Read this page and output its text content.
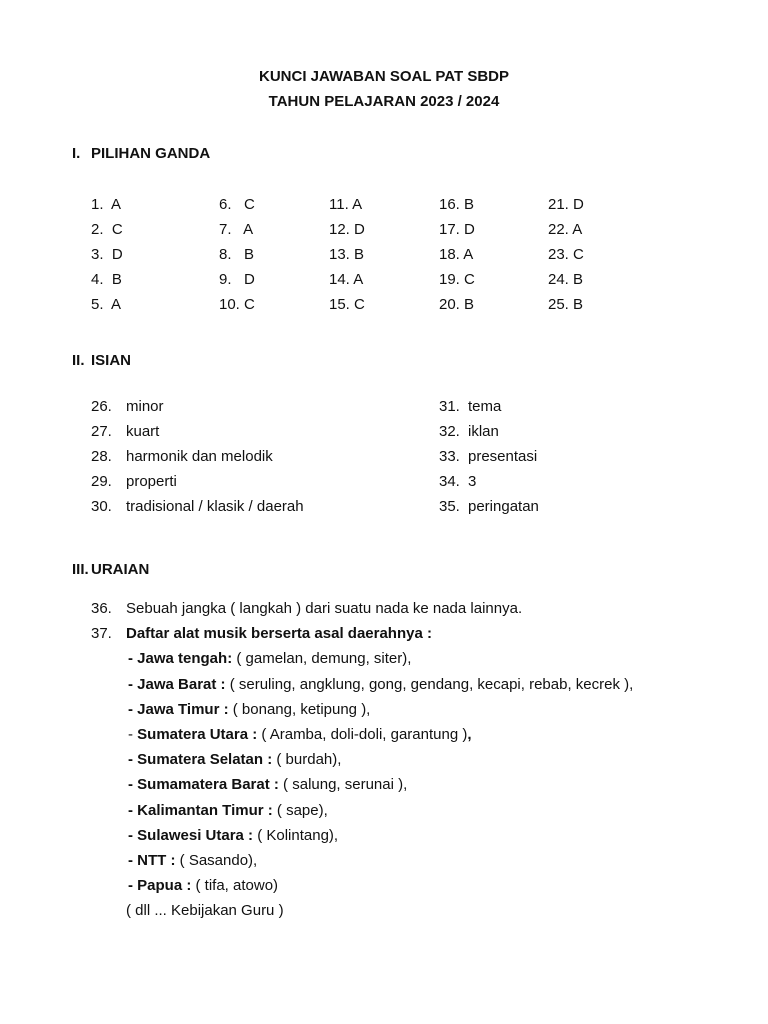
KUNCI JAWABAN SOAL PAT SBDP
TAHUN PELAJARAN 2023 / 2024
I. PILIHAN GANDA
1.  A
2.  C
3.  D
4.  B
5.  A
6.   C
7.   A
8.   B
9.   D
10. C
11. A
12. D
13. B
14. A
15. C
16. B
17. D
18. A
19. C
20. B
21. D
22. A
23. C
24. B
25. B
II. ISIAN
26. minor
27. kuart
28. harmonik dan melodik
29. properti
30. tradisional / klasik / daerah
31. tema
32. iklan
33. presentasi
34. 3
35. peringatan
III. URAIAN
36. Sebuah jangka ( langkah ) dari suatu nada ke nada lainnya.
37. Daftar alat musik berserta asal daerahnya :
- Jawa tengah: ( gamelan, demung, siter),
- Jawa Barat : ( seruling, angklung, gong, gendang, kecapi, rebab, kecrek ),
- Jawa Timur : ( bonang, ketipung ),
- Sumatera Utara : ( Aramba, doli-doli, garantung ),
- Sumatera Selatan : ( burdah),
- Sumamatera Barat : ( salung, serunai ),
- Kalimantan Timur : ( sape),
- Sulawesi Utara : ( Kolintang),
- NTT : ( Sasando),
- Papua : ( tifa, atowo)
( dll ... Kebijakan Guru )
